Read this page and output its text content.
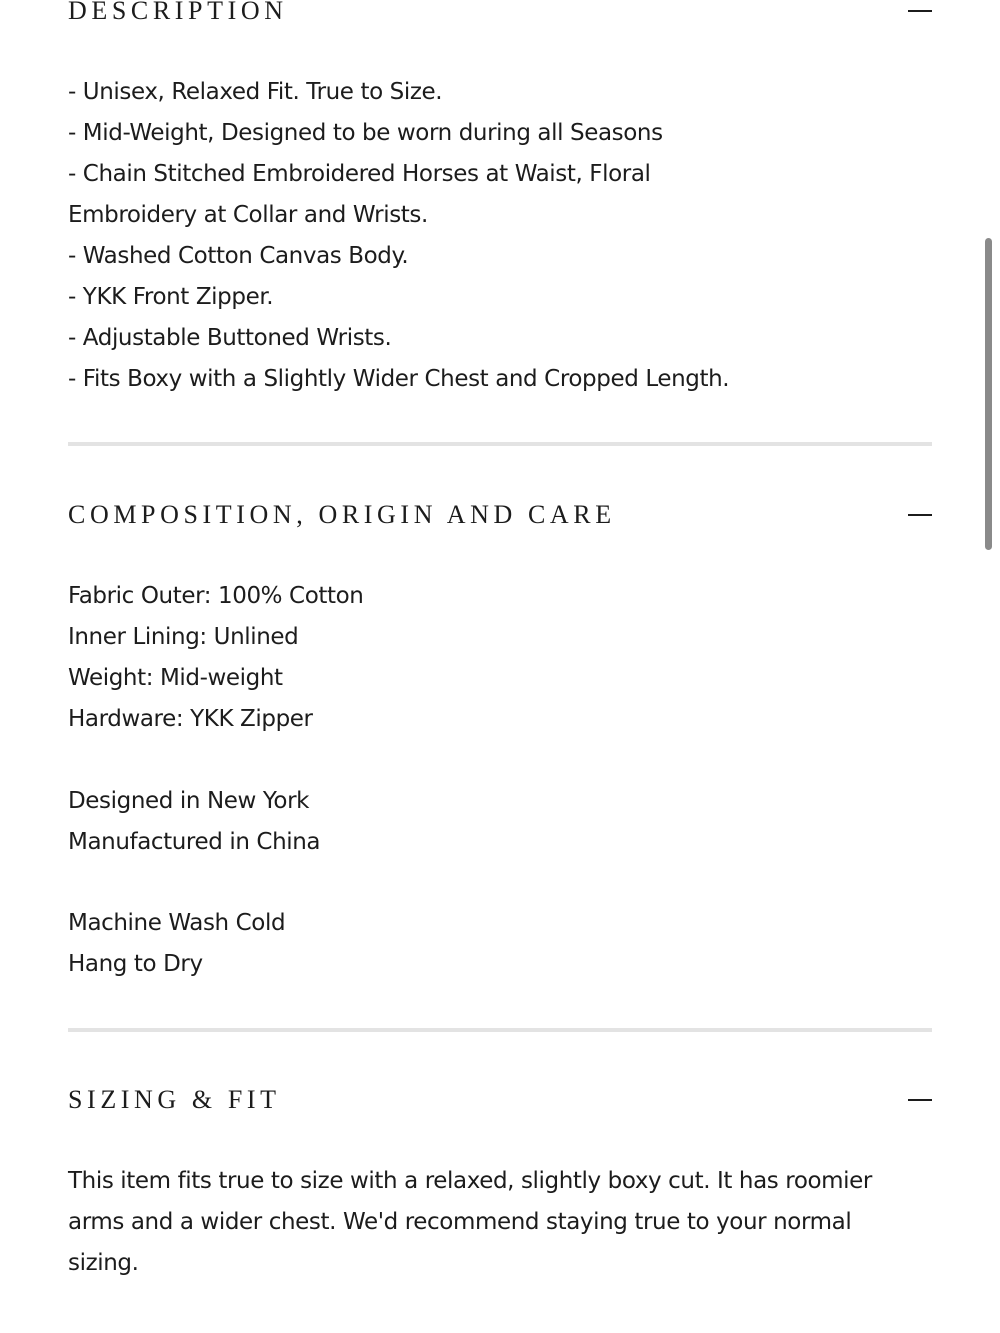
DESCRIPTION
- Unisex, Relaxed Fit. True to Size.
- Mid-Weight, Designed to be worn during all Seasons
- Chain Stitched Embroidered Horses at Waist, Floral
Embroidery at Collar and Wrists.
- Washed Cotton Canvas Body.
- YKK Front Zipper.
- Adjustable Buttoned Wrists.
- Fits Boxy with a Slightly Wider Chest and Cropped Length.
COMPOSITION, ORIGIN AND CARE
Fabric Outer: 100% Cotton
Inner Lining: Unlined
Weight: Mid-weight
Hardware: YKK Zipper
Designed in New York
Manufactured in China
Machine Wash Cold
Hang to Dry
SIZING & FIT

This item fits true to size with a relaxed, slightly boxy cut. It has roomier arms and a wider chest. We'd recommend staying true to your normal sizing.
